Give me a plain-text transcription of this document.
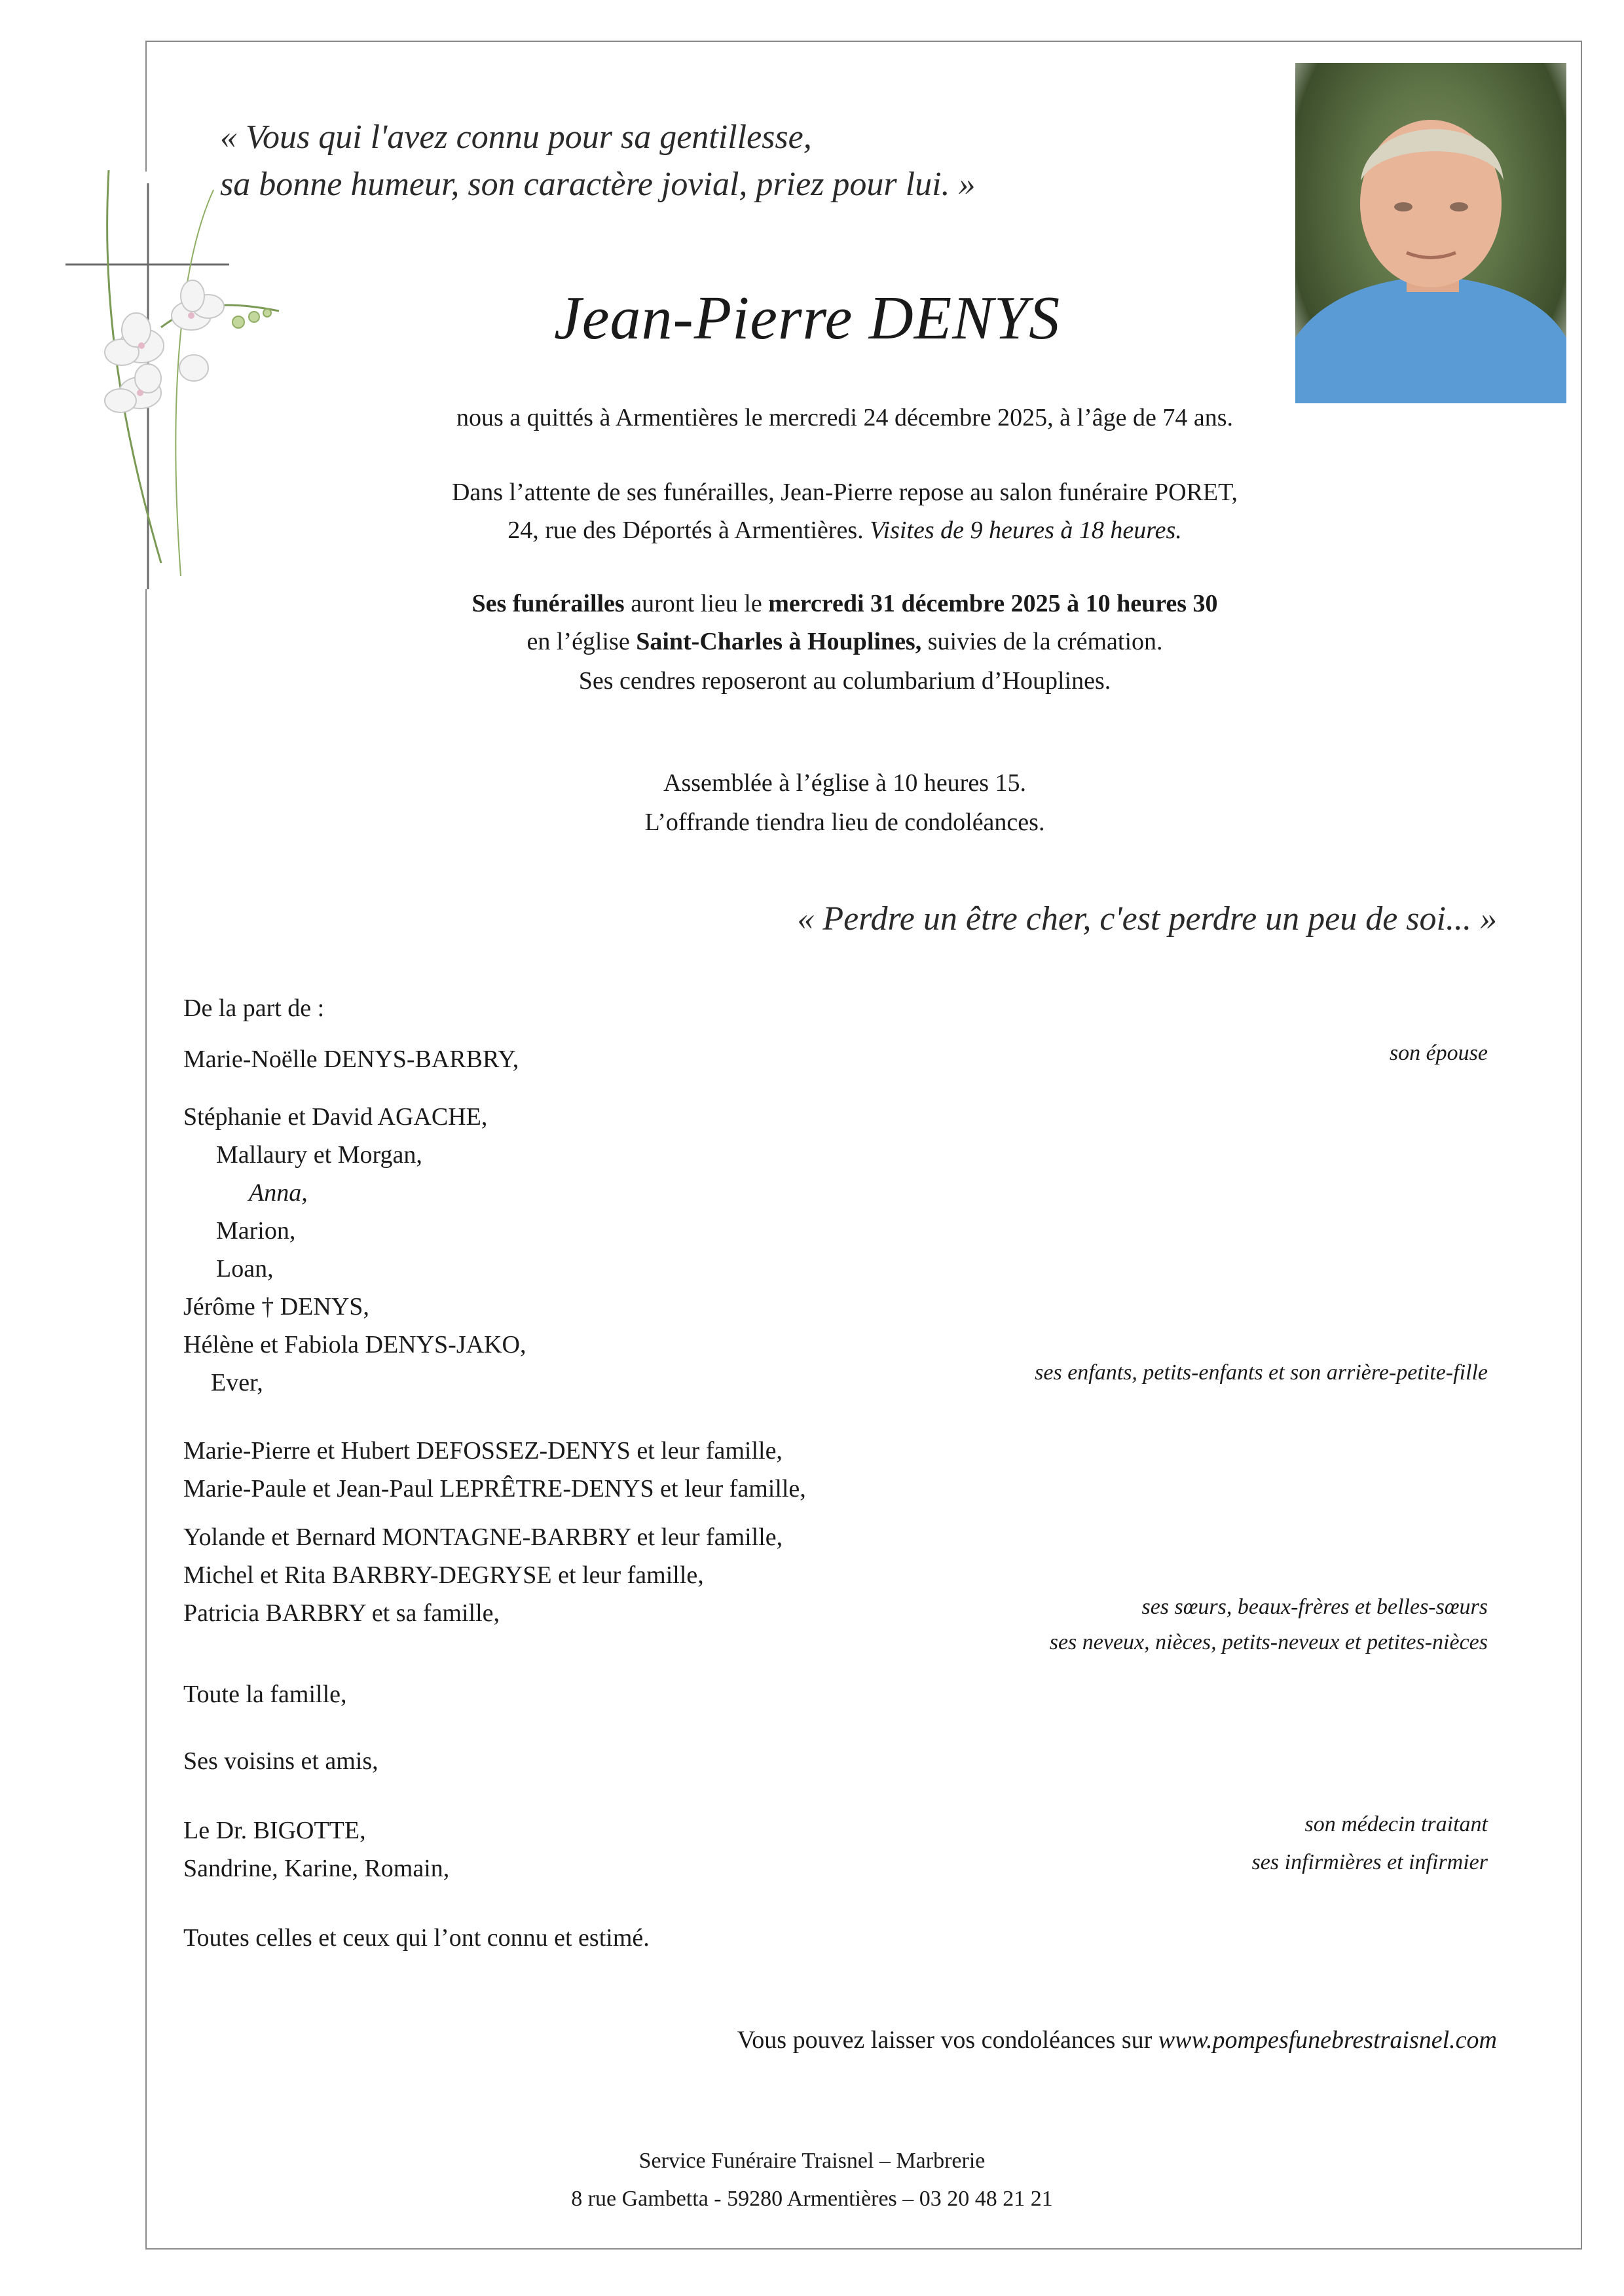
« Vous qui l'avez connu pour sa gentillesse,
sa bonne humeur, son caractère jovial, priez pour lui. »
Jean-Pierre DENYS
nous a quittés à Armentières le mercredi 24 décembre 2025, à l’âge de 74 ans.
Dans l’attente de ses funérailles, Jean-Pierre repose au salon funéraire PORET,
24, rue des Déportés à Armentières. Visites de 9 heures à 18 heures.
Ses funérailles auront lieu le mercredi 31 décembre 2025 à 10 heures 30
en l’église Saint-Charles à Houplines, suivies de la crémation.
Ses cendres reposeront au columbarium d’Houplines.
Assemblée à l’église à 10 heures 15.
L’offrande tiendra lieu de condoléances.
« Perdre un être cher, c'est perdre un peu de soi... »
De la part de :
Marie-Noëlle DENYS-BARBRY,	son épouse
Stéphanie et David AGACHE,
Mallaury et Morgan,
Anna,
Marion,
Loan,
Jérôme † DENYS,
Hélène et Fabiola DENYS-JAKO,
Ever,	ses enfants, petits-enfants et son arrière-petite-fille
Marie-Pierre et Hubert DEFOSSEZ-DENYS et leur famille,
Marie-Paule et Jean-Paul LEPRÊTRE-DENYS et leur famille,
Yolande et Bernard MONTAGNE-BARBRY et leur famille,
Michel et Rita BARBRY-DEGRYSE et leur famille,
Patricia BARBRY et sa famille,	ses sœurs, beaux-frères et belles-sœurs
ses neveux, nièces, petits-neveux et petites-nièces
Toute la famille,
Ses voisins et amis,
Le Dr. BIGOTTE,	son médecin traitant
Sandrine, Karine, Romain,	ses infirmières et infirmier
Toutes celles et ceux qui l’ont connu et estimé.
Vous pouvez laisser vos condoléances sur www.pompesfunebrestraisnel.com
Service Funéraire Traisnel – Marbrerie
8 rue Gambetta - 59280 Armentières – 03 20 48 21 21
